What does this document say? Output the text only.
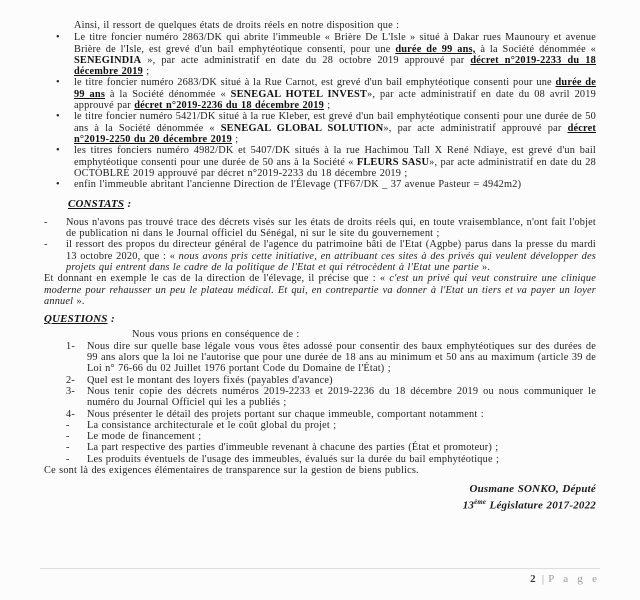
Ainsi, il ressort de quelques états de droits réels en notre disposition que :

•	Le titre foncier numéro 2863/DK qui abrite l'immeuble « Brière De L'Isle » situé à Dakar rues Maunoury et avenue Brière de l'Isle, est grevé d'un bail emphytéotique consenti, pour une durée de 99 ans, à la Société dénommée « SENEGINDIA », par acte administratif en date du 28 octobre 2019 approuvé par décret n°2019-2233 du 18 décembre 2019 ;
•	le titre foncier numéro 2683/DK situé à la Rue Carnot, est grevé d'un bail emphytéotique consenti pour une durée de 99 ans à la Société dénommée « SENEGAL HOTEL INVEST», par acte administratif en date du 08 avril 2019 approuvé par décret n°2019-2236 du 18 décembre 2019 ;
•	le titre foncier numéro 5421/DK situé à la rue Kleber, est grevé d'un bail emphytéotique consenti pour une durée de 50 ans à la Société dénommée « SENEGAL GLOBAL SOLUTION», par acte administratif approuvé par décret n°2019-2250 du 20 décembre 2019 ;
•	les titres fonciers numéro 4982/DK et 5407/DK situés à la rue Hachimou Tall X René Ndiaye, est grevé d'un bail emphytéotique consenti pour une durée de 50 ans à la Société « FLEURS SASU», par acte administratif en date du 28 OCTOBLRE 2019 approuvé par décret n°2019-2233 du 18 décembre 2019 ;
•	enfin l'immeuble abritant l'ancienne Direction de l'Élevage (TF67/DK _ 37 avenue Pasteur = 4942m2)

CONSTATS :

-	Nous n'avons pas trouvé trace des décrets visés sur les états de droits réels qui, en toute vraisemblance, n'ont fait l'objet de publication ni dans le Journal officiel du Sénégal, ni sur le site du gouvernement ;
-	il ressort des propos du directeur général de l'agence du patrimoine bâti de l'Etat (Agpbe) parus dans la presse du mardi 13 octobre 2020, que : « nous avons pris cette initiative, en attribuant ces sites à des privés qui veulent développer des projets qui entrent dans le cadre de la politique de l'Etat et qui rétrocèdent à l'Etat une partie ».

Et donnant en exemple le cas de la direction de l'élevage, il précise que : « c'est un privé qui veut construire une clinique moderne pour rehausser un peu le plateau médical. Et qui, en contrepartie va donner à l'Etat un tiers et va payer un loyer annuel ».

QUESTIONS :

Nous vous prions en conséquence de :

1-	Nous dire sur quelle base légale vous vous êtes adossé pour consentir des baux emphytéotiques sur des durées de 99 ans alors que la loi ne l'autorise que pour une durée de 18 ans au minimum et 50 ans au maximum (article 39 de Loi n° 76-66 du 02 Juillet 1976 portant Code du Domaine de l'État) ;
2-	Quel est le montant des loyers fixés (payables d'avance)
3-	Nous tenir copie des décrets numéros 2019-2233 et 2019-2236 du 18 décembre 2019 ou nous communiquer le numéro du Journal Officiel qui les a publiés ;
4-	Nous présenter le détail des projets portant sur chaque immeuble, comportant notamment :
-	La consistance architecturale et le coût global du projet ;
-	Le mode de financement ;
-	La part respective des parties d'immeuble revenant à chacune des parties (État et promoteur) ;
-	Les produits éventuels de l'usage des immeubles, évalués sur la durée du bail emphytéotique ;

Ce sont là des exigences élémentaires de transparence sur la gestion de biens publics.

Ousmane SONKO, Député
13ème Législature 2017-2022
2 | P a g e
